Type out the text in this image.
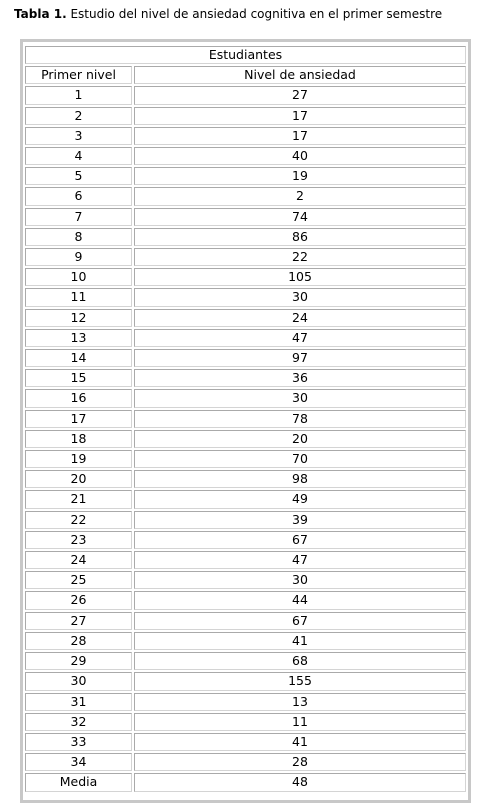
Tabla 1. Estudio del nivel de ansiedad cognitiva en el primer semestre
Estudiantes	
Primer nivel	Nivel de ansiedad
1	27
2	17
3	17
4	40
5	19
6	2
7	74
8	86
9	22
10	105
11	30
12	24
13	47
14	97
15	36
16	30
17	78
18	20
19	70
20	98
21	49
22	39
23	67
24	47
25	30
26	44
27	67
28	41
29	68
30	155
31	13
32	11
33	41
34	28
Media	48
